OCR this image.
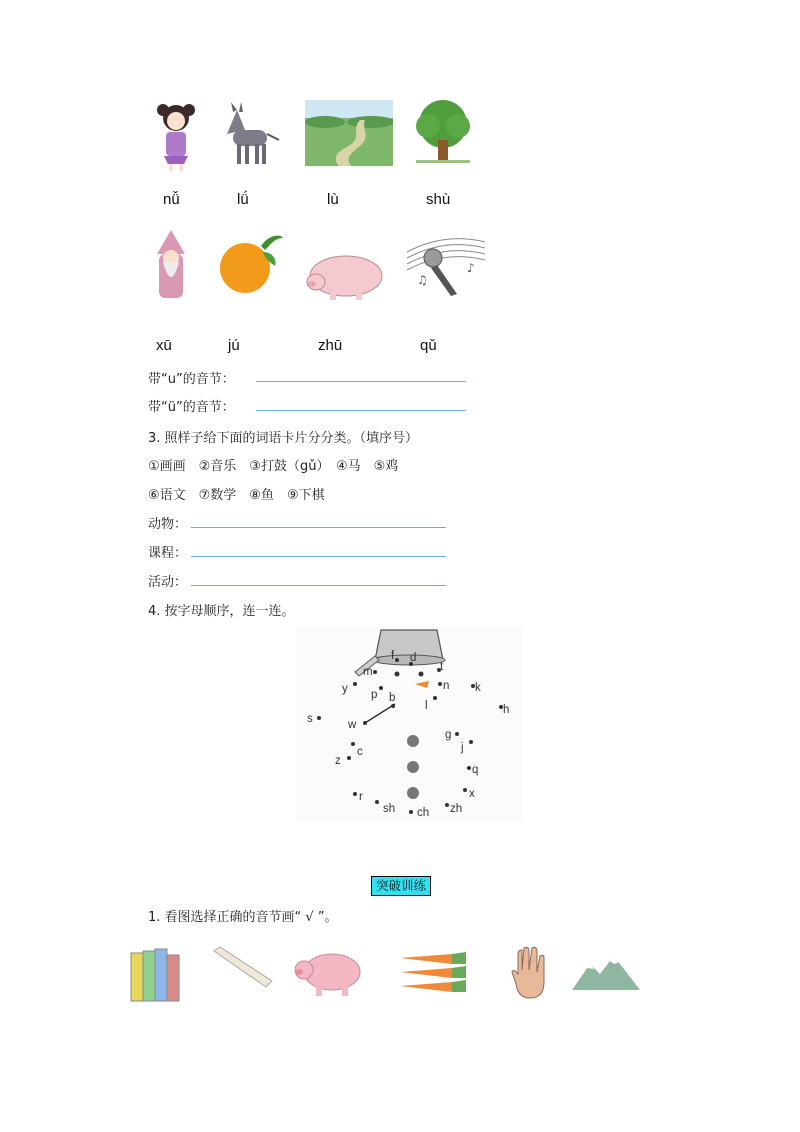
nǚ	lǘ	lù	shù
♪
♫
xū	jú	zhū	qǔ
带“u”的音节：
带“ü”的音节：
3. 照样子给下面的词语卡片分分类。（填序号）
①画画　②音乐　③打鼓（gǔ）　④马　⑤鸡
⑥语文　⑦数学　⑧鱼　⑨下棋
动物：
课程：
活动：
4. 按字母顺序，连一连。
b
p
m
f d
t
n
l
g
k
h
j
q
x
zh
ch
sh
r
z
c
s
y
w
突破训练
1. 看图选择正确的音节画“ √ ”。
